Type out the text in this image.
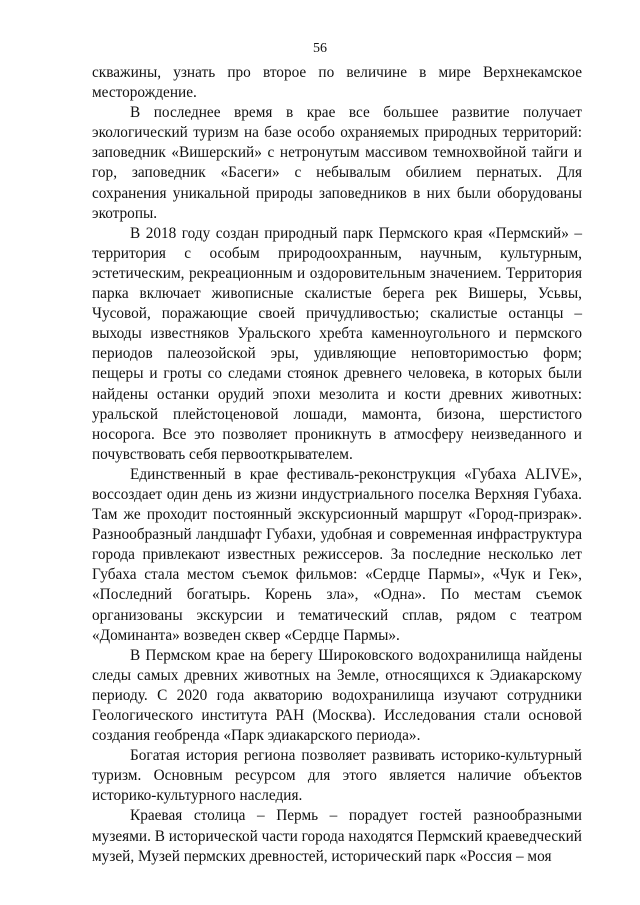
56

скважины, узнать про второе по величине в мире Верхнекамское месторождение.

В последнее время в крае все большее развитие получает экологический туризм на базе особо охраняемых природных территорий: заповедник «Вишерский» с нетронутым массивом темнохвойной тайги и гор, заповедник «Басеги» с небывалым обилием пернатых. Для сохранения уникальной природы заповедников в них были оборудованы экотропы.

В 2018 году создан природный парк Пермского края «Пермский» – территория с особым природоохранным, научным, культурным, эстетическим, рекреационным и оздоровительным значением. Территория парка включает живописные скалистые берега рек Вишеры, Усьвы, Чусовой, поражающие своей причудливостью; скалистые останцы – выходы известняков Уральского хребта каменноугольного и пермского периодов палеозойской эры, удивляющие неповторимостью форм; пещеры и гроты со следами стоянок древнего человека, в которых были найдены останки орудий эпохи мезолита и кости древних животных: уральской плейстоценовой лошади, мамонта, бизона, шерстистого носорога. Все это позволяет проникнуть в атмосферу неизведанного и почувствовать себя первооткрывателем.

Единственный в крае фестиваль-реконструкция «Губаха ALIVE», воссоздает один день из жизни индустриального поселка Верхняя Губаха. Там же проходит постоянный экскурсионный маршрут «Город-призрак». Разнообразный ландшафт Губахи, удобная и современная инфраструктура города привлекают известных режиссеров. За последние несколько лет Губаха стала местом съемок фильмов: «Сердце Пармы», «Чук и Гек», «Последний богатырь. Корень зла», «Одна». По местам съемок организованы экскурсии и тематический сплав, рядом с театром «Доминанта» возведен сквер «Сердце Пармы».

В Пермском крае на берегу Широковского водохранилища найдены следы самых древних животных на Земле, относящихся к Эдиакарскому периоду. С 2020 года акваторию водохранилища изучают сотрудники Геологического института РАН (Москва). Исследования стали основой создания геобренда «Парк эдиакарского периода».

Богатая история региона позволяет развивать историко-культурный туризм. Основным ресурсом для этого является наличие объектов историко-культурного наследия.

Краевая столица – Пермь – порадует гостей разнообразными музеями. В исторической части города находятся Пермский краеведческий музей, Музей пермских древностей, исторический парк «Россия – моя
